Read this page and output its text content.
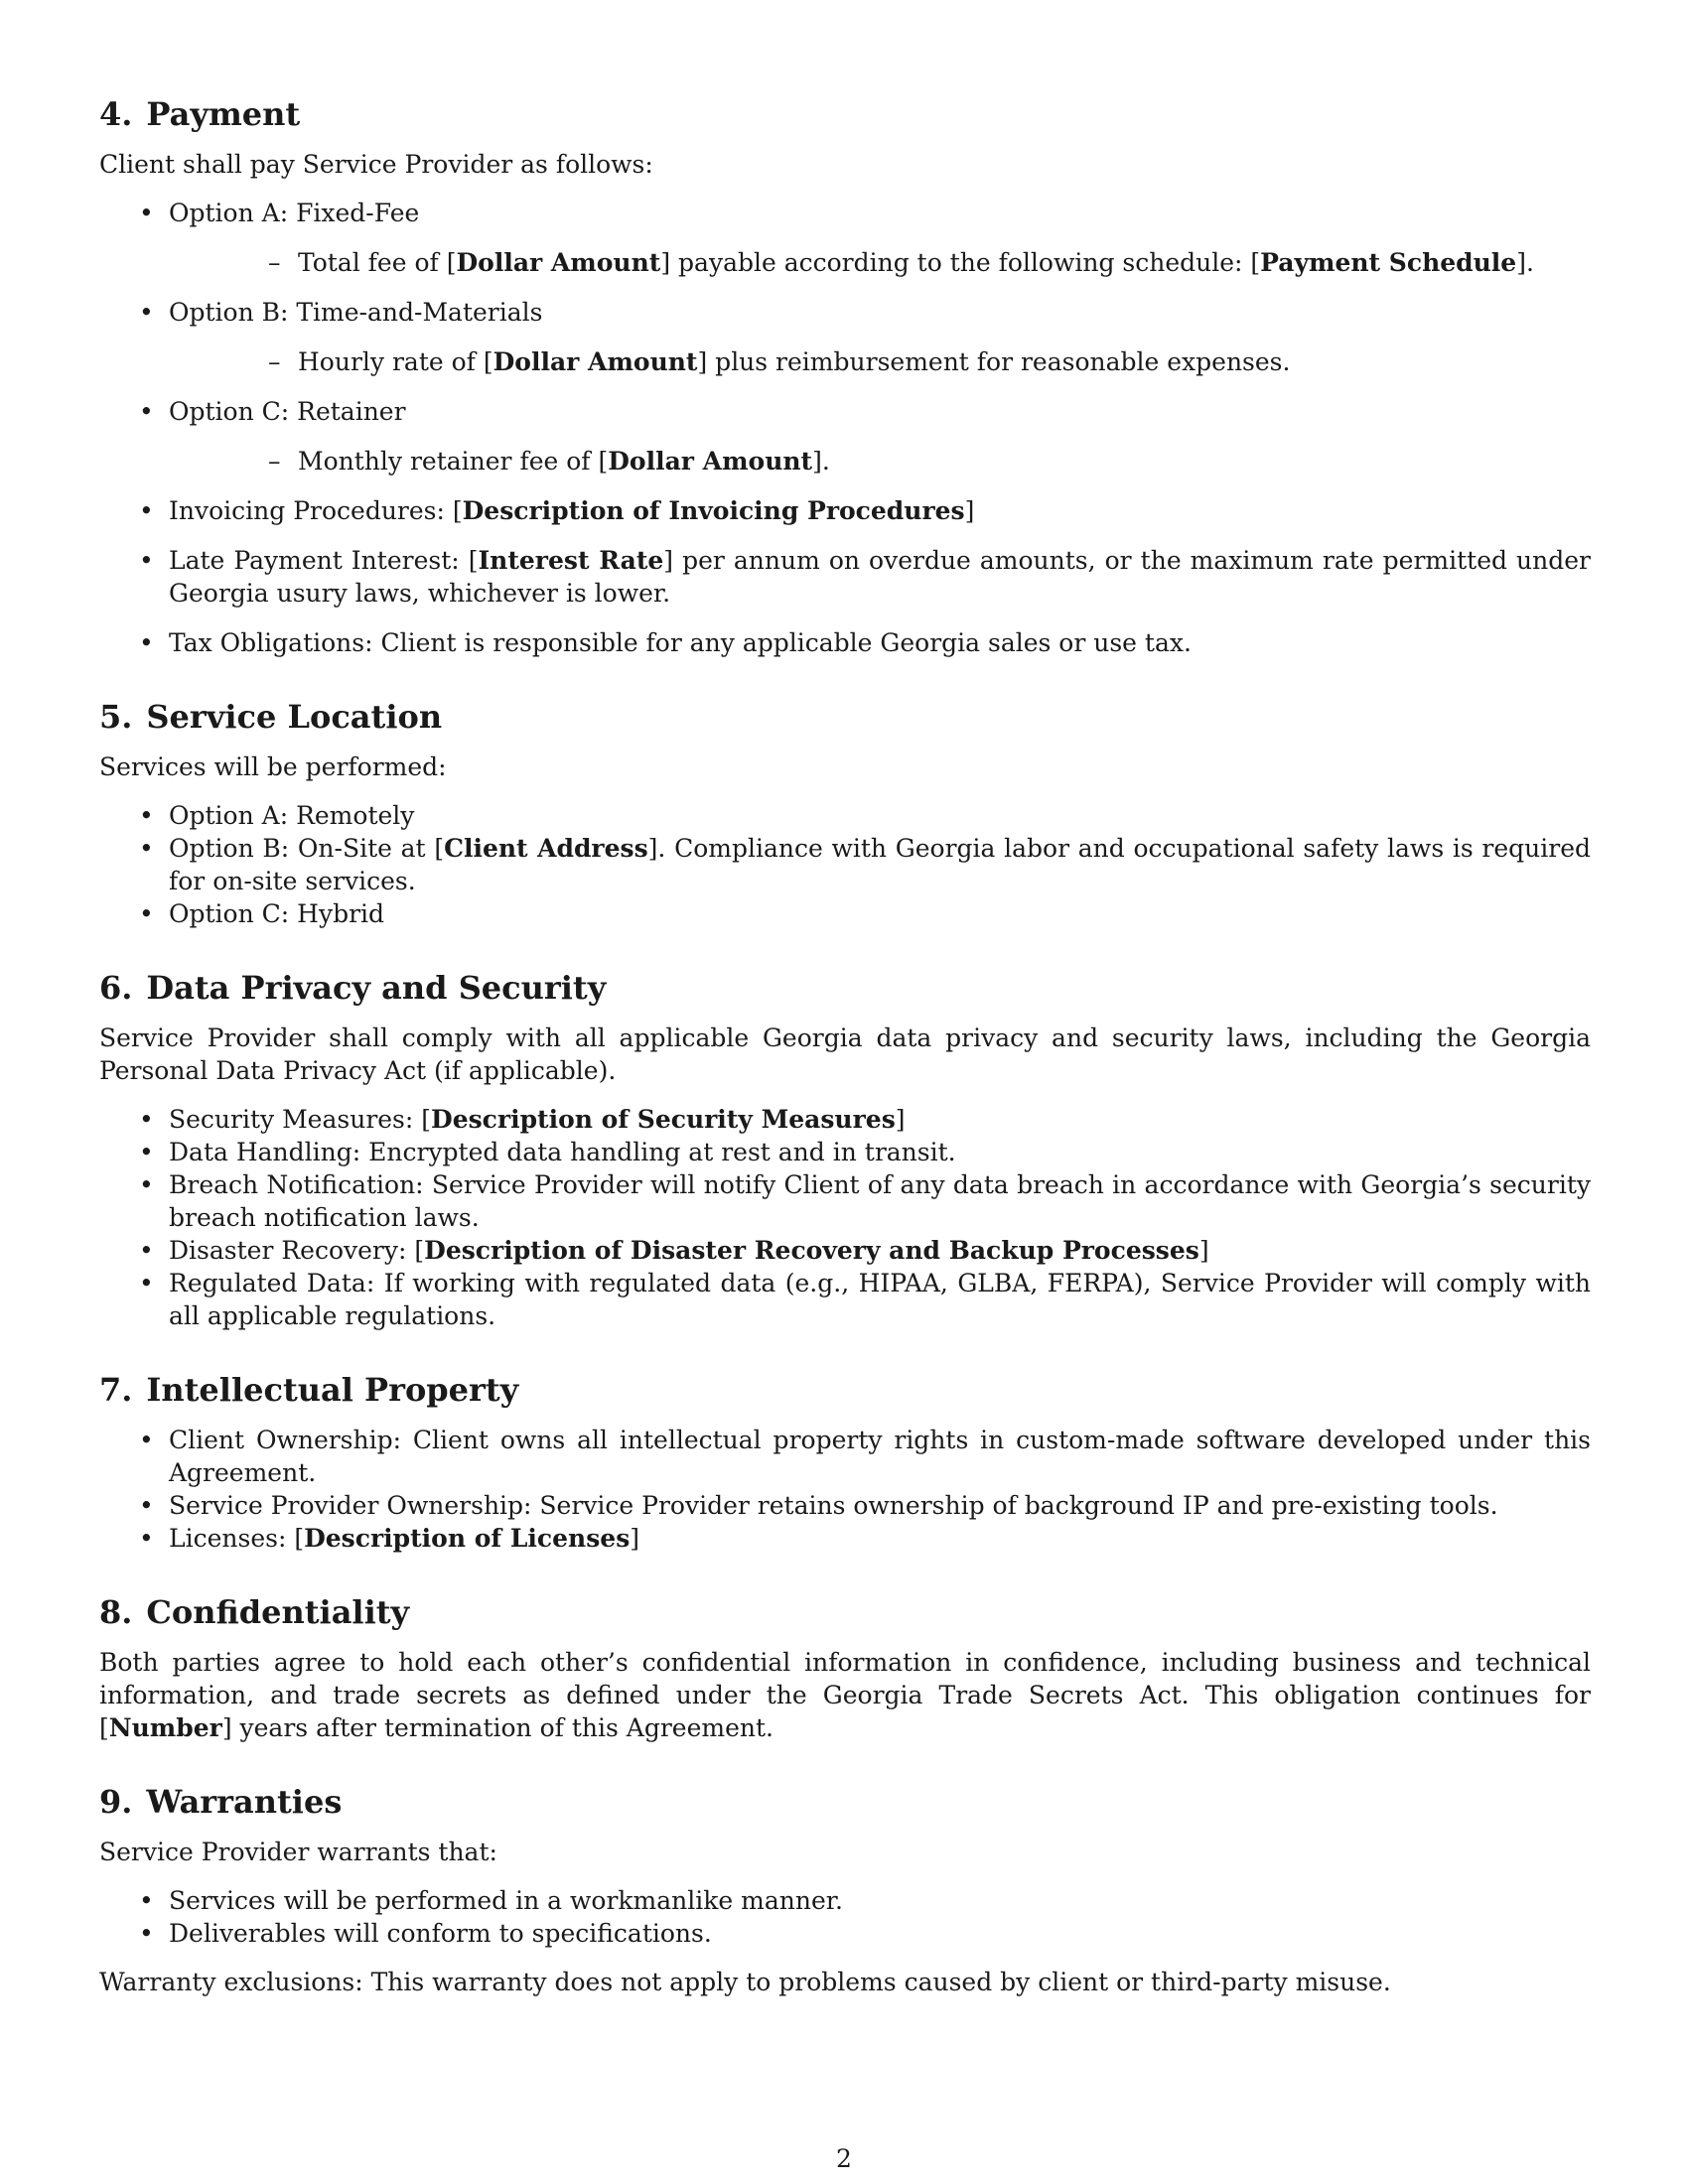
4. Payment

Client shall pay Service Provider as follows:

• Option A: Fixed-Fee
– Total fee of [Dollar Amount] payable according to the following schedule: [Payment Schedule].
• Option B: Time-and-Materials
– Hourly rate of [Dollar Amount] plus reimbursement for reasonable expenses.
• Option C: Retainer
– Monthly retainer fee of [Dollar Amount].
• Invoicing Procedures: [Description of Invoicing Procedures]
• Late Payment Interest: [Interest Rate] per annum on overdue amounts, or the maximum rate permitted under Georgia usury laws, whichever is lower.
• Tax Obligations: Client is responsible for any applicable Georgia sales or use tax.
5. Service Location

Services will be performed:

• Option A: Remotely
• Option B: On-Site at [Client Address]. Compliance with Georgia labor and occupational safety laws is required for on-site services.
• Option C: Hybrid
6. Data Privacy and Security

Service Provider shall comply with all applicable Georgia data privacy and security laws, including the Georgia Personal Data Privacy Act (if applicable).

• Security Measures: [Description of Security Measures]
• Data Handling: Encrypted data handling at rest and in transit.
• Breach Notification: Service Provider will notify Client of any data breach in accordance with Georgia’s security breach notification laws.
• Disaster Recovery: [Description of Disaster Recovery and Backup Processes]
• Regulated Data: If working with regulated data (e.g., HIPAA, GLBA, FERPA), Service Provider will comply with all applicable regulations.
7. Intellectual Property
• Client Ownership: Client owns all intellectual property rights in custom-made software developed under this Agreement.
• Service Provider Ownership: Service Provider retains ownership of background IP and pre-existing tools.
• Licenses: [Description of Licenses]
8. Confidentiality

Both parties agree to hold each other’s confidential information in confidence, including business and technical information, and trade secrets as defined under the Georgia Trade Secrets Act. This obligation continues for [Number] years after termination of this Agreement.

9. Warranties

Service Provider warrants that:

• Services will be performed in a workmanlike manner.
• Deliverables will conform to specifications.

Warranty exclusions: This warranty does not apply to problems caused by client or third-party misuse.

2
